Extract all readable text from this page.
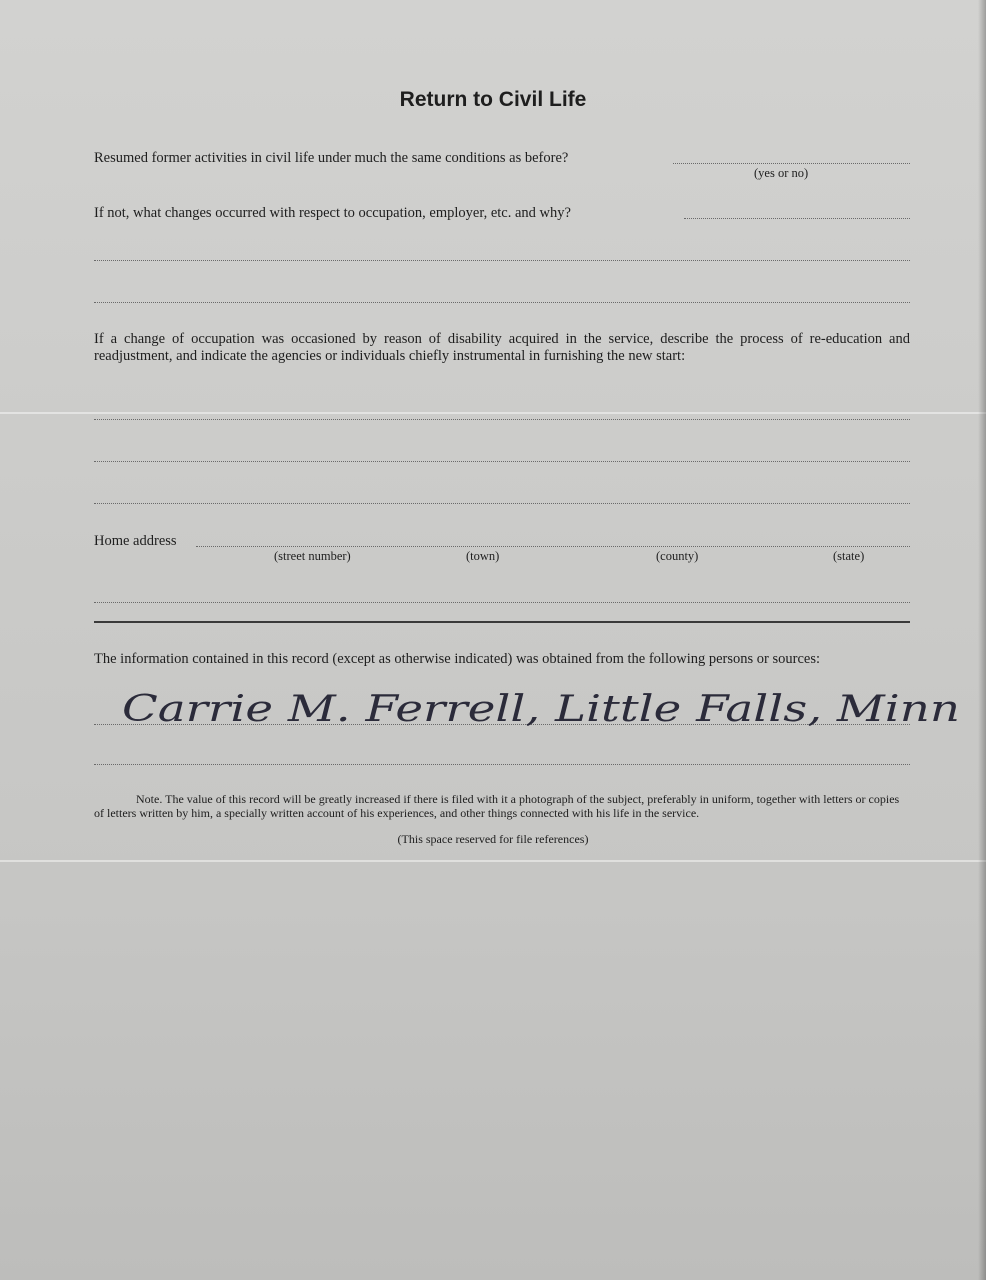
Return to Civil Life
Resumed former activities in civil life under much the same conditions as before?
(yes or no)
If not, what changes occurred with respect to occupation, employer, etc. and why?
If a change of occupation was occasioned by reason of disability acquired in the service, describe the process of re-education and readjustment, and indicate the agencies or individuals chiefly instrumental in furnishing the new start:
Home address
(street number)	(town)	(county)	(state)
The information contained in this record (except as otherwise indicated) was obtained from the following persons or sources:
Carrie M. Ferrell, Little Falls, Minn
Note. The value of this record will be greatly increased if there is filed with it a photograph of the subject, preferably in uniform, together with letters or copies of letters written by him, a specially written account of his experiences, and other things connected with his life in the service.
(This space reserved for file references)
